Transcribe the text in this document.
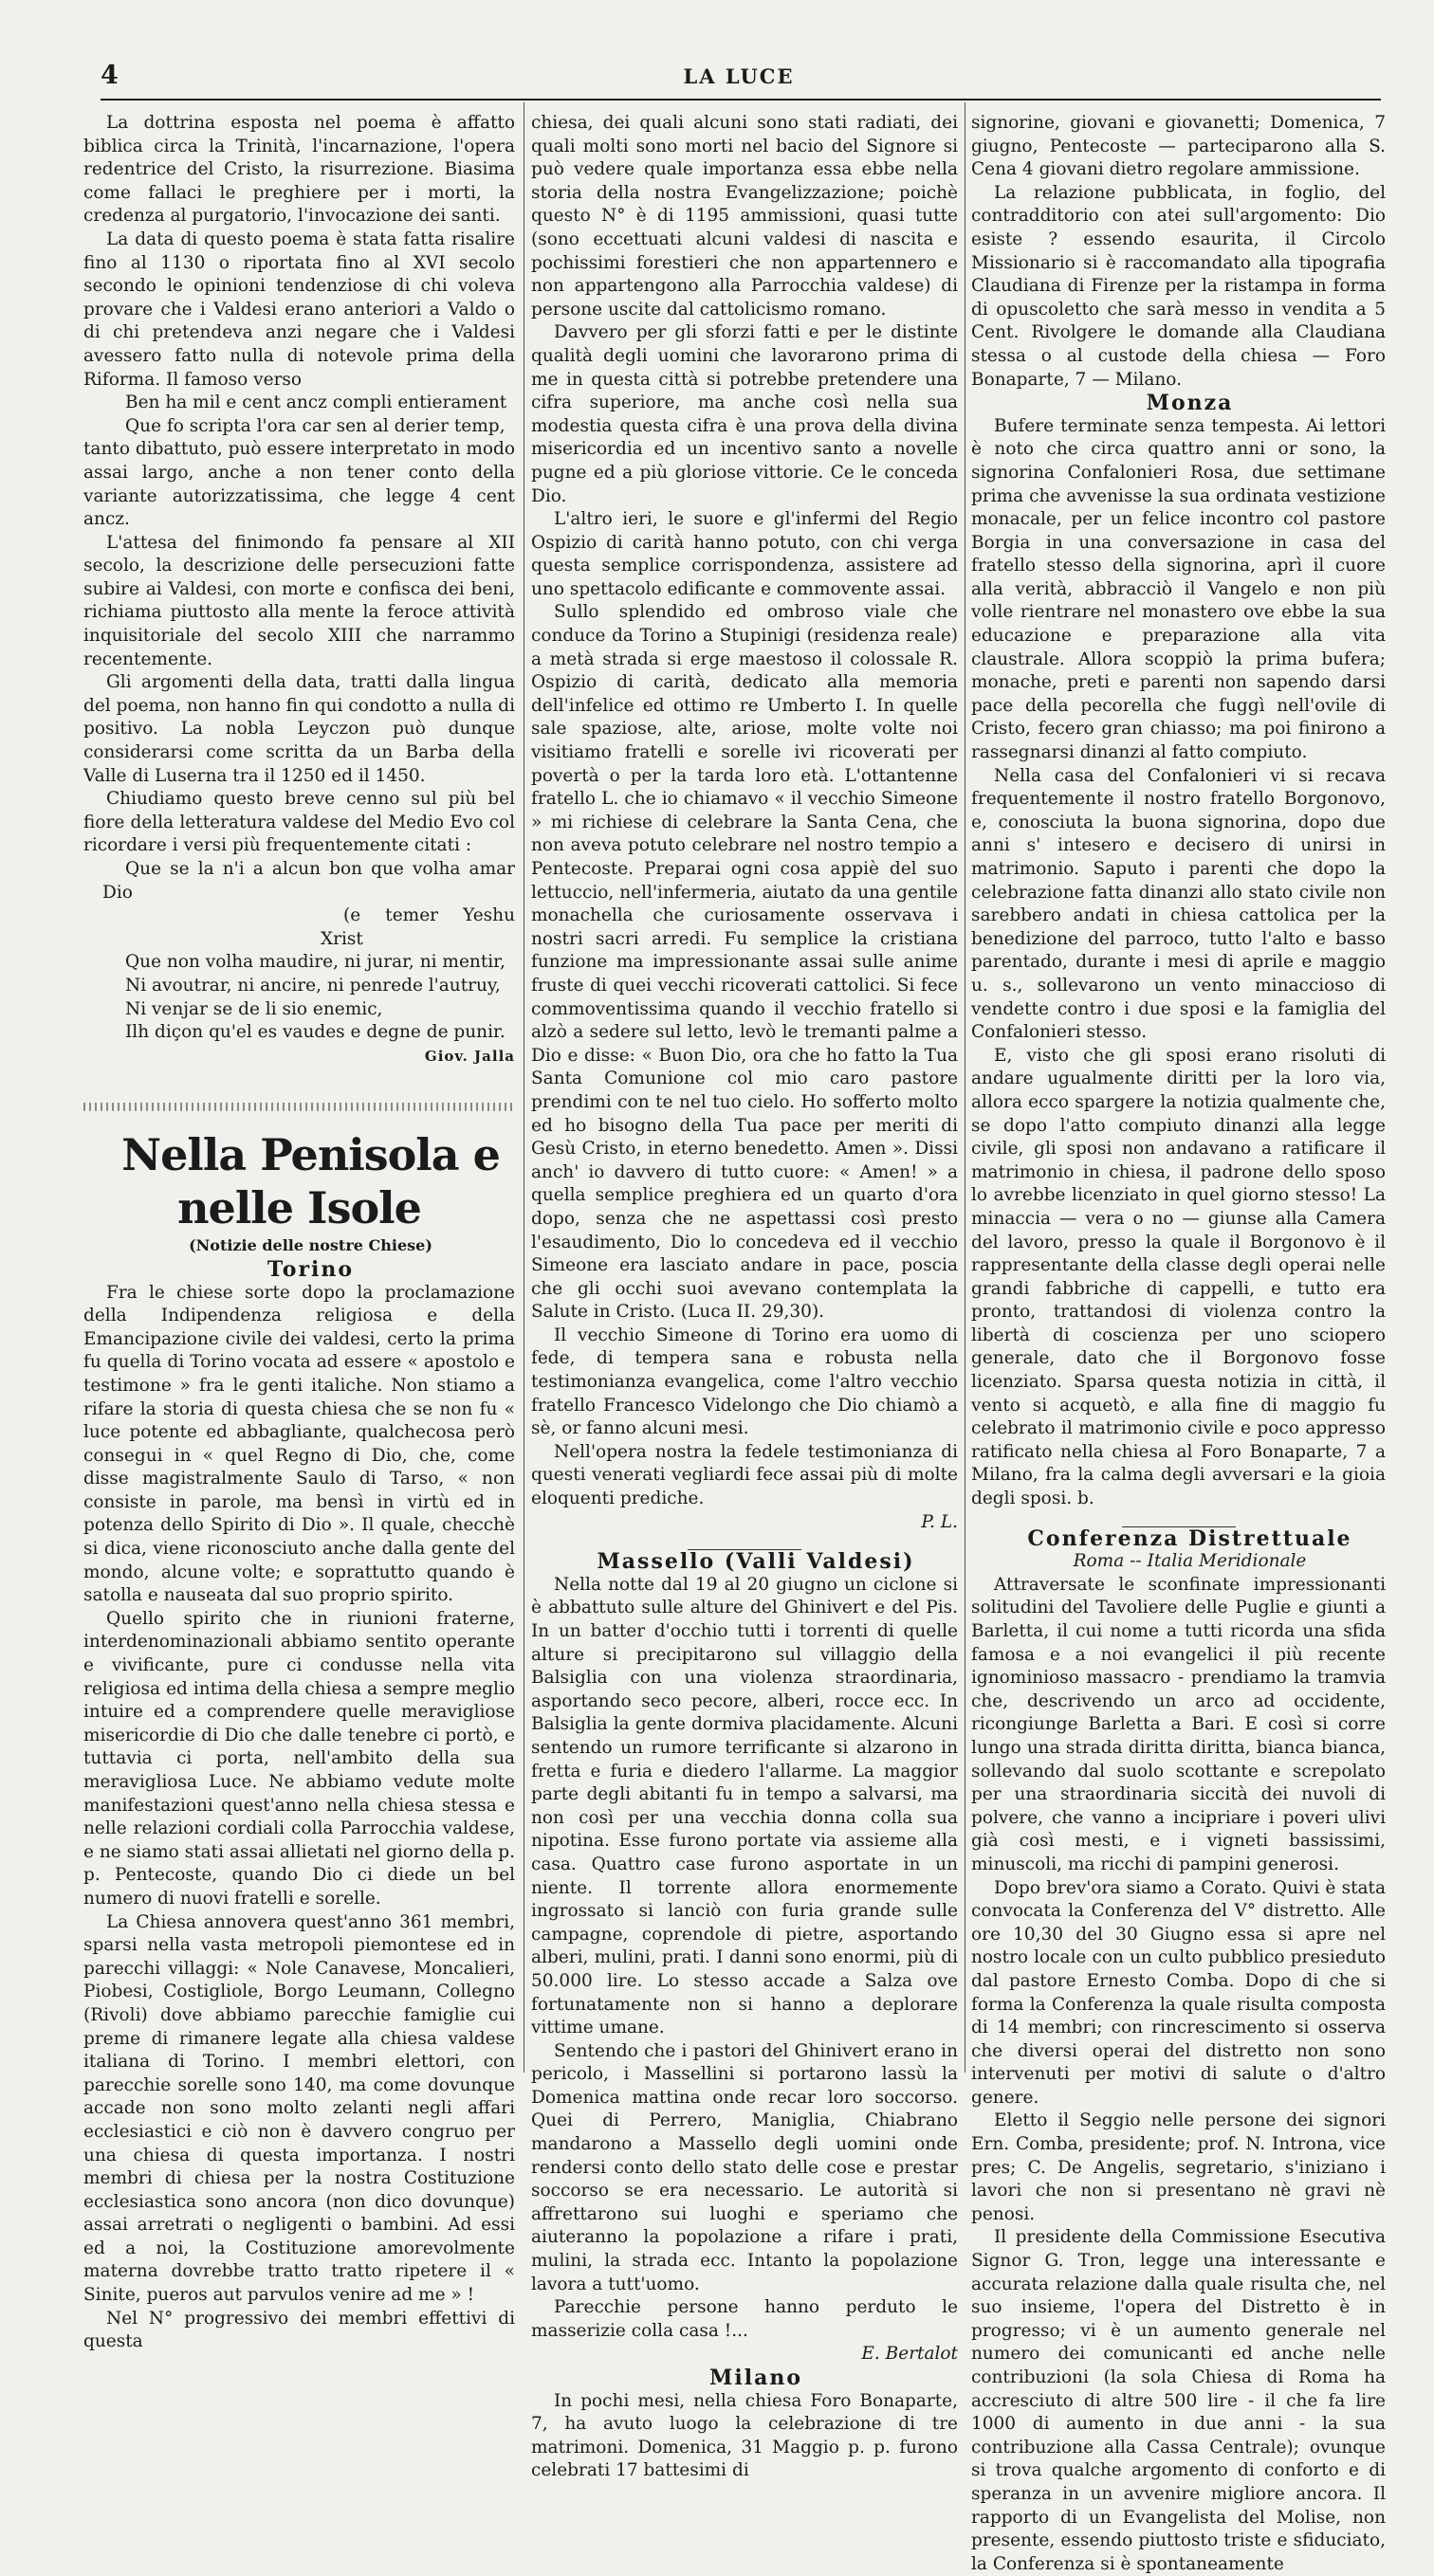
4	LA LUCE

La dottrina esposta nel poema è affatto biblica circa la Trinità, l'incarnazione, l'opera redentrice del Cristo, la risurrezione. Biasima come fallaci le preghiere per i morti, la credenza al purgatorio, l'invocazione dei santi.

La data di questo poema è stata fatta risalire fino al 1130 o riportata fino al XVI secolo secondo le opinioni tendenziose di chi voleva provare che i Valdesi erano anteriori a Valdo o di chi pretendeva anzi negare che i Valdesi avessero fatto nulla di notevole prima della Riforma. Il famoso verso

Ben ha mil e cent ancz compli entierament

Que fo scripta l'ora car sen al derier temp,

tanto dibattuto, può essere interpretato in modo assai largo, anche a non tener conto della variante autorizzatissima, che legge 4 cent ancz.

L'attesa del finimondo fa pensare al XII secolo, la descrizione delle persecuzioni fatte subire ai Valdesi, con morte e confisca dei beni, richiama piuttosto alla mente la feroce attività inquisitoriale del secolo XIII che narrammo recentemente.

Gli argomenti della data, tratti dalla lingua del poema, non hanno fin qui condotto a nulla di positivo. La nobla Leyczon può dunque considerarsi come scritta da un Barba della Valle di Luserna tra il 1250 ed il 1450.

Chiudiamo questo breve cenno sul più bel fiore della letteratura valdese del Medio Evo col ricordare i versi più frequentemente citati :

Que se la n'i a alcun bon que volha amar Dio

(e temer Yeshu Xrist

Que non volha maudire, ni jurar, ni mentir,

Ni avoutrar, ni ancire, ni penrede l'autruy,

Ni venjar se de li sio enemic,

Ilh diçon qu'el es vaudes e degne de punir.

Giov. Jalla

Nella Penisola e nelle Isole

(Notizie delle nostre Chiese)

Torino

Fra le chiese sorte dopo la proclamazione della Indipendenza religiosa e della Emancipazione civile dei valdesi, certo la prima fu quella di Torino vocata ad essere « apostolo e testimone » fra le genti italiche. Non stiamo a rifare la storia di questa chiesa che se non fu « luce potente ed abbagliante, qualchecosa però consegui in « quel Regno di Dio, che, come disse magistralmente Saulo di Tarso, « non consiste in parole, ma bensì in virtù ed in potenza dello Spirito di Dio ». Il quale, checchè si dica, viene riconosciuto anche dalla gente del mondo, alcune volte; e soprattutto quando è satolla e nauseata dal suo proprio spirito.

Quello spirito che in riunioni fraterne, interdenominazionali abbiamo sentito operante e vivificante, pure ci condusse nella vita religiosa ed intima della chiesa a sempre meglio intuire ed a comprendere quelle meravigliose misericordie di Dio che dalle tenebre ci portò, e tuttavia ci porta, nell'ambito della sua meravigliosa Luce. Ne abbiamo vedute molte manifestazioni quest'anno nella chiesa stessa e nelle relazioni cordiali colla Parrocchia valdese, e ne siamo stati assai allietati nel giorno della p. p. Pentecoste, quando Dio ci diede un bel numero di nuovi fratelli e sorelle.

La Chiesa annovera quest'anno 361 membri, sparsi nella vasta metropoli piemontese ed in parecchi villaggi: « Nole Canavese, Moncalieri, Piobesi, Costigliole, Borgo Leumann, Collegno (Rivoli) dove abbiamo parecchie famiglie cui preme di rimanere legate alla chiesa valdese italiana di Torino. I membri elettori, con parecchie sorelle sono 140, ma come dovunque accade non sono molto zelanti negli affari ecclesiastici e ciò non è davvero congruo per una chiesa di questa importanza. I nostri membri di chiesa per la nostra Costituzione ecclesiastica sono ancora (non dico dovunque) assai arretrati o negligenti o bambini. Ad essi ed a noi, la Costituzione amorevolmente materna dovrebbe tratto tratto ripetere il « Sinite, pueros aut parvulos venire ad me » !

Nel N° progressivo dei membri effettivi di questa

chiesa, dei quali alcuni sono stati radiati, dei quali molti sono morti nel bacio del Signore si può vedere quale importanza essa ebbe nella storia della nostra Evangelizzazione; poichè questo N° è di 1195 ammissioni, quasi tutte (sono eccettuati alcuni valdesi di nascita e pochissimi forestieri che non appartennero e non appartengono alla Parrocchia valdese) di persone uscite dal cattolicismo romano.

Davvero per gli sforzi fatti e per le distinte qualità degli uomini che lavorarono prima di me in questa città si potrebbe pretendere una cifra superiore, ma anche così nella sua modestia questa cifra è una prova della divina misericordia ed un incentivo santo a novelle pugne ed a più gloriose vittorie. Ce le conceda Dio.

L'altro ieri, le suore e gl'infermi del Regio Ospizio di carità hanno potuto, con chi verga questa semplice corrispondenza, assistere ad uno spettacolo edificante e commovente assai.

Sullo splendido ed ombroso viale che conduce da Torino a Stupinigi (residenza reale) a metà strada si erge maestoso il colossale R. Ospizio di carità, dedicato alla memoria dell'infelice ed ottimo re Umberto I. In quelle sale spaziose, alte, ariose, molte volte noi visitiamo fratelli e sorelle ivi ricoverati per povertà o per la tarda loro età. L'ottantenne fratello L. che io chiamavo « il vecchio Simeone » mi richiese di celebrare la Santa Cena, che non aveva potuto celebrare nel nostro tempio a Pentecoste. Preparai ogni cosa appiè del suo lettuccio, nell'infermeria, aiutato da una gentile monachella che curiosamente osservava i nostri sacri arredi. Fu semplice la cristiana funzione ma impressionante assai sulle anime fruste di quei vecchi ricoverati cattolici. Si fece commoventissima quando il vecchio fratello si alzò a sedere sul letto, levò le tremanti palme a Dio e disse: « Buon Dio, ora che ho fatto la Tua Santa Comunione col mio caro pastore prendimi con te nel tuo cielo. Ho sofferto molto ed ho bisogno della Tua pace per meriti di Gesù Cristo, in eterno benedetto. Amen ». Dissi anch' io davvero di tutto cuore: « Amen! » a quella semplice preghiera ed un quarto d'ora dopo, senza che ne aspettassi così presto l'esaudimento, Dio lo concedeva ed il vecchio Simeone era lasciato andare in pace, poscia che gli occhi suoi avevano contemplata la Salute in Cristo. (Luca II. 29,30).

Il vecchio Simeone di Torino era uomo di fede, di tempera sana e robusta nella testimonianza evangelica, come l'altro vecchio fratello Francesco Videlongo che Dio chiamò a sè, or fanno alcuni mesi.

Nell'opera nostra la fedele testimonianza di questi venerati vegliardi fece assai più di molte eloquenti prediche.

P. L.

Massello (Valli Valdesi)

Nella notte dal 19 al 20 giugno un ciclone si è abbattuto sulle alture del Ghinivert e del Pis. In un batter d'occhio tutti i torrenti di quelle alture si precipitarono sul villaggio della Balsiglia con una violenza straordinaria, asportando seco pecore, alberi, rocce ecc. In Balsiglia la gente dormiva placidamente. Alcuni sentendo un rumore terrificante si alzarono in fretta e furia e diedero l'allarme. La maggior parte degli abitanti fu in tempo a salvarsi, ma non così per una vecchia donna colla sua nipotina. Esse furono portate via assieme alla casa. Quattro case furono asportate in un niente. Il torrente allora enormemente ingrossato si lanciò con furia grande sulle campagne, coprendole di pietre, asportando alberi, mulini, prati. I danni sono enormi, più di 50.000 lire. Lo stesso accade a Salza ove fortunatamente non si hanno a deplorare vittime umane.

Sentendo che i pastori del Ghinivert erano in pericolo, i Massellini si portarono lassù la Domenica mattina onde recar loro soccorso. Quei di Perrero, Maniglia, Chiabrano mandarono a Massello degli uomini onde rendersi conto dello stato delle cose e prestar soccorso se era necessario. Le autorità si affrettarono sui luoghi e speriamo che aiuteranno la popolazione a rifare i prati, mulini, la strada ecc. Intanto la popolazione lavora a tutt'uomo.

Parecchie persone hanno perduto le masserizie colla casa !...

E. Bertalot

Milano

In pochi mesi, nella chiesa Foro Bonaparte, 7, ha avuto luogo la celebrazione di tre matrimoni. Domenica, 31 Maggio p. p. furono celebrati 17 battesimi di

signorine, giovani e giovanetti; Domenica, 7 giugno, Pentecoste — parteciparono alla S. Cena 4 giovani dietro regolare ammissione.

La relazione pubblicata, in foglio, del contradditorio con atei sull'argomento: Dio esiste ? essendo esaurita, il Circolo Missionario si è raccomandato alla tipografia Claudiana di Firenze per la ristampa in forma di opuscoletto che sarà messo in vendita a 5 Cent. Rivolgere le domande alla Claudiana stessa o al custode della chiesa — Foro Bonaparte, 7 — Milano.

Monza

Bufere terminate senza tempesta. Ai lettori è noto che circa quattro anni or sono, la signorina Confalonieri Rosa, due settimane prima che avvenisse la sua ordinata vestizione monacale, per un felice incontro col pastore Borgia in una conversazione in casa del fratello stesso della signorina, aprì il cuore alla verità, abbracciò il Vangelo e non più volle rientrare nel monastero ove ebbe la sua educazione e preparazione alla vita claustrale. Allora scoppiò la prima bufera; monache, preti e parenti non sapendo darsi pace della pecorella che fuggì nell'ovile di Cristo, fecero gran chiasso; ma poi finirono a rassegnarsi dinanzi al fatto compiuto.

Nella casa del Confalonieri vi si recava frequentemente il nostro fratello Borgonovo, e, conosciuta la buona signorina, dopo due anni s' intesero e decisero di unirsi in matrimonio. Saputo i parenti che dopo la celebrazione fatta dinanzi allo stato civile non sarebbero andati in chiesa cattolica per la benedizione del parroco, tutto l'alto e basso parentado, durante i mesi di aprile e maggio u. s., sollevarono un vento minaccioso di vendette contro i due sposi e la famiglia del Confalonieri stesso.

E, visto che gli sposi erano risoluti di andare ugualmente diritti per la loro via, allora ecco spargere la notizia qualmente che, se dopo l'atto compiuto dinanzi alla legge civile, gli sposi non andavano a ratificare il matrimonio in chiesa, il padrone dello sposo lo avrebbe licenziato in quel giorno stesso! La minaccia — vera o no — giunse alla Camera del lavoro, presso la quale il Borgonovo è il rappresentante della classe degli operai nelle grandi fabbriche di cappelli, e tutto era pronto, trattandosi di violenza contro la libertà di coscienza per uno sciopero generale, dato che il Borgonovo fosse licenziato. Sparsa questa notizia in città, il vento si acquetò, e alla fine di maggio fu celebrato il matrimonio civile e poco appresso ratificato nella chiesa al Foro Bonaparte, 7 a Milano, fra la calma degli avversari e la gioia degli sposi. b.

Conferenza Distrettuale

Roma -- Italia Meridionale

Attraversate le sconfinate impressionanti solitudini del Tavoliere delle Puglie e giunti a Barletta, il cui nome a tutti ricorda una sfida famosa e a noi evangelici il più recente ignominioso massacro - prendiamo la tramvia che, descrivendo un arco ad occidente, ricongiunge Barletta a Bari. E così si corre lungo una strada diritta diritta, bianca bianca, sollevando dal suolo scottante e screpolato per una straordinaria siccità dei nuvoli di polvere, che vanno a incipriare i poveri ulivi già così mesti, e i vigneti bassissimi, minuscoli, ma ricchi di pampini generosi.

Dopo brev'ora siamo a Corato. Quivi è stata convocata la Conferenza del V° distretto. Alle ore 10,30 del 30 Giugno essa si apre nel nostro locale con un culto pubblico presieduto dal pastore Ernesto Comba. Dopo di che si forma la Conferenza la quale risulta composta di 14 membri; con rincrescimento si osserva che diversi operai del distretto non sono intervenuti per motivi di salute o d'altro genere.

Eletto il Seggio nelle persone dei signori Ern. Comba, presidente; prof. N. Introna, vice pres; C. De Angelis, segretario, s'iniziano i lavori che non si presentano nè gravi nè penosi.

Il presidente della Commissione Esecutiva Signor G. Tron, legge una interessante e accurata relazione dalla quale risulta che, nel suo insieme, l'opera del Distretto è in progresso; vi è un aumento generale nel numero dei comunicanti ed anche nelle contribuzioni (la sola Chiesa di Roma ha accresciuto di altre 500 lire - il che fa lire 1000 di aumento in due anni - la sua contribuzione alla Cassa Centrale); ovunque si trova qualche argomento di conforto e di speranza in un avvenire migliore ancora. Il rapporto di un Evangelista del Molise, non presente, essendo piuttosto triste e sfiduciato, la Conferenza si è spontaneamente
